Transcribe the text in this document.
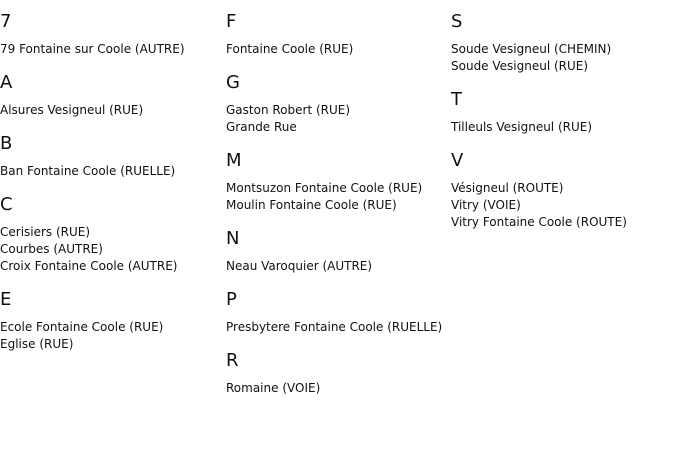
7
79 Fontaine sur Coole (AUTRE)
A
Alsures Vesigneul (RUE)
B
Ban Fontaine Coole (RUELLE)
C
Cerisiers (RUE)
Courbes (AUTRE)
Croix Fontaine Coole (AUTRE)
E
Ecole Fontaine Coole (RUE)
Eglise (RUE)
F
Fontaine Coole (RUE)
G
Gaston Robert (RUE)
Grande Rue
M
Montsuzon Fontaine Coole (RUE)
Moulin Fontaine Coole (RUE)
N
Neau Varoquier (AUTRE)
P
Presbytere Fontaine Coole (RUELLE)
R
Romaine (VOIE)
S
Soude Vesigneul (CHEMIN)
Soude Vesigneul (RUE)
T
Tilleuls Vesigneul (RUE)
V
Vésigneul (ROUTE)
Vitry (VOIE)
Vitry Fontaine Coole (ROUTE)
